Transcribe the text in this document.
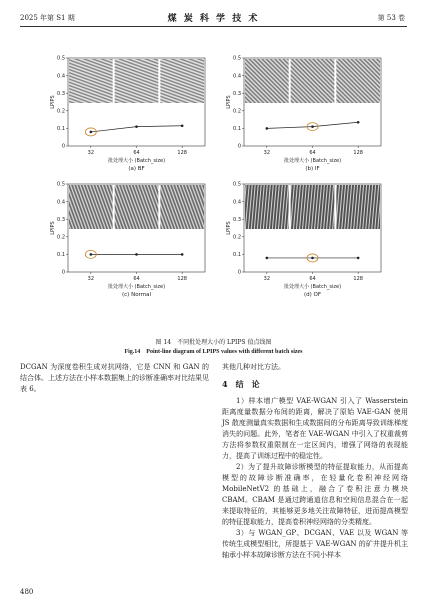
2025 年第 S1 期	煤 炭 科 学 技 术	第 53 卷
0
0.1
0.2
0.3
0.4
0.5
LPIPS
32	64	128
批处理大小 (Batch_size)
(a) BF
0
0.1
0.2
0.3
0.4
0.5
LPIPS
32	64	128
批处理大小 (Batch_size)
(b) IF
0
0.1
0.2
0.3
0.4
0.5
LPIPS
32	64	128
批处理大小 (Batch_size)
(c) Normal
0
0.1
0.2
0.3
0.4
0.5
LPIPS
32	64	128
批处理大小 (Batch_size)
(d) OF
图 14　不同批处理大小的 LPIPS 值点线图
Fig.14　Point-line diagram of LPIPS values with different batch sizes

DCGAN 为深度卷积生成对抗网络，它是 CNN 和 GAN 的结合体。上述方法在小样本数据集上的诊断准确率对比结果见表 6。

其他几种对比方法。

4　结　论

1）样本增广模型 VAE-WGAN 引入了 Wasserstein 距离度量数据分布间的距离，解决了原始 VAE-GAN 使用 JS 散度测量真实数据和生成数据间的分布距离导致训练梯度消失的问题。此外，笔者在 VAE-WGAN 中引入了权重裁剪方法将参数权重限制在一定区间内，增强了网络的表现能力，提高了训练过程中的稳定性。

2）为了提升故障诊断模型的特征提取能力，从而提高模型的故障诊断准确率，在轻量化卷积神经网络 MobileNetV2 的基础上，融合了卷积注意力模块 CBAM。CBAM 是通过跨通道信息和空间信息混合在一起来提取特征的，其能够更多地关注故障特征，进而提高模型的特征提取能力，提高卷积神经网络的分类精度。

3）与 WGAN_GP、DCGAN、VAE 以及 WGAN 等传统生成模型相比，所提基于 VAE-WGAN 的矿井提升机主轴承小样本故障诊断方法在不同小样本

480
